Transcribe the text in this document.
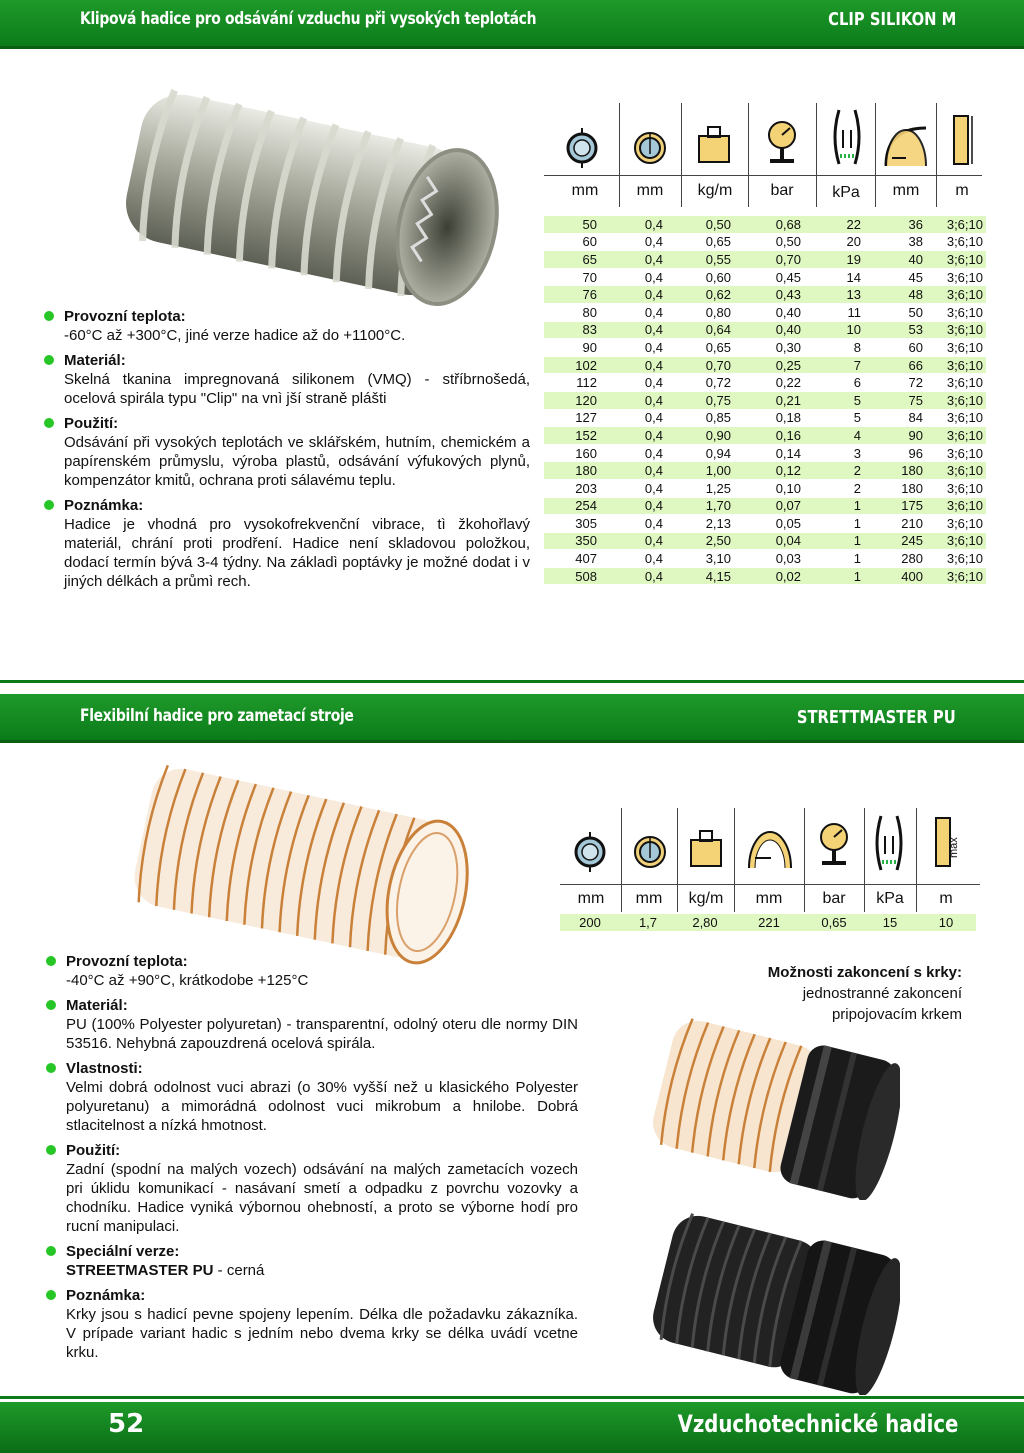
Klipová hadice pro odsávání vzduchu při vysokých teplotách	CLIP SILIKON M
Provozní teplota:
-60°C až +300°C, jiné verze hadice až do +1100°C.
Materiál:
Skelná tkanina impregnovaná silikonem (VMQ) - stříbrnošedá, ocelová spirála typu "Clip" na vnì jší straně plášti
Použití:
Odsávání při vysokých teplotách ve sklářském, hutním, chemickém a papírenském průmyslu, výroba plastů, odsávání výfukových plynů, kompenzátor kmitů, ochrana proti sálavému teplu.
Poznámka:
Hadice je vhodná pro vysokofrekvenční vibrace, tì žkohořlavý materiál, chrání proti prodření. Hadice není skladovou položkou, dodací termín bývá 3-4 týdny. Na základì poptávky je možné dodat i v jiných délkách a průmì rech.
mm	mm	kg/m	bar	kPa	mm	m
50	0,4	0,50	0,68	22	36	3;6;10
60	0,4	0,65	0,50	20	38	3;6;10
65	0,4	0,55	0,70	19	40	3;6;10
70	0,4	0,60	0,45	14	45	3;6;10
76	0,4	0,62	0,43	13	48	3;6;10
80	0,4	0,80	0,40	11	50	3;6;10
83	0,4	0,64	0,40	10	53	3;6;10
90	0,4	0,65	0,30	8	60	3;6;10
102	0,4	0,70	0,25	7	66	3;6;10
112	0,4	0,72	0,22	6	72	3;6;10
120	0,4	0,75	0,21	5	75	3;6;10
127	0,4	0,85	0,18	5	84	3;6;10
152	0,4	0,90	0,16	4	90	3;6;10
160	0,4	0,94	0,14	3	96	3;6;10
180	0,4	1,00	0,12	2	180	3;6;10
203	0,4	1,25	0,10	2	180	3;6;10
254	0,4	1,70	0,07	1	175	3;6;10
305	0,4	2,13	0,05	1	210	3;6;10
350	0,4	2,50	0,04	1	245	3;6;10
407	0,4	3,10	0,03	1	280	3;6;10
508	0,4	4,15	0,02	1	400	3;6;10
Flexibilní hadice pro zametací stroje	STRETTMASTER PU
max
mm	mm	kg/m	mm	bar	kPa	m
200	1,7	2,80	221	0,65	15	10
Provozní teplota:
-40°C až +90°C, krátkodobe +125°C
Materiál:
PU (100% Polyester polyuretan) - transparentní, odolný oteru dle normy DIN 53516. Nehybná zapouzdrená ocelová spirála.
Vlastnosti:
Velmi dobrá odolnost vuci abrazi (o 30% vyšší než u klasického Polyester polyuretanu) a mimorádná odolnost vuci mikrobum a hnilobe. Dobrá stlacitelnost a nízká hmotnost.
Použití:
Zadní (spodní na malých vozech) odsávání na malých zametacích vozech pri úklidu komunikací - nasávaní smetí a odpadku z povrchu vozovky a chodníku. Hadice vyniká výbornou ohebností, a proto se výborne hodí pro rucní manipulaci.
Speciální verze:
STREETMASTER PU - cerná
Poznámka:
Krky jsou s hadicí pevne spojeny lepením. Délka dle požadavku zákazníka. V prípade variant hadic s jedním nebo dvema krky se délka uvádí vcetne krku.
Možnosti zakoncení s krky:
jednostranné zakoncení
pripojovacím krkem
52	Vzduchotechnické hadice
